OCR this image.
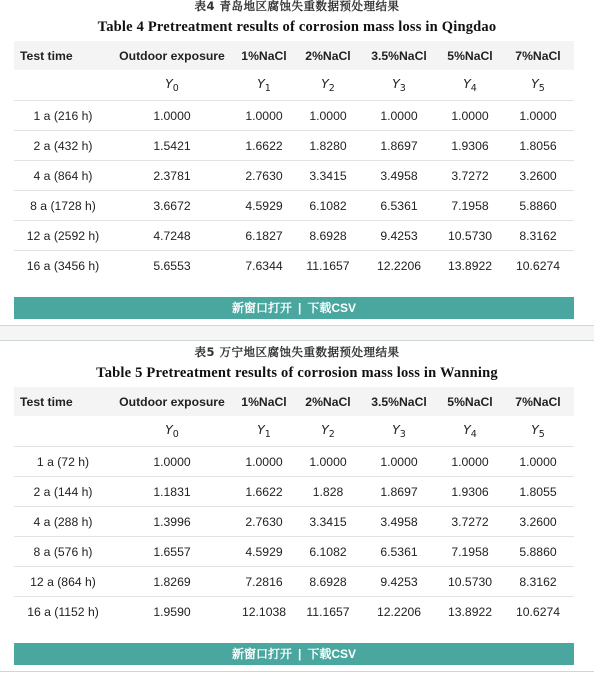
表4 青岛地区腐蚀失重数据预处理结果
Table 4 Pretreatment results of corrosion mass loss in Qingdao
Test time	Outdoor exposure	1%NaCl	2%NaCl	3.5%NaCl	5%NaCl	7%NaCl
	$Y_0$	$Y_1$	$Y_2$	$Y_3$	$Y_4$	$Y_5$
1 a (216 h)	1.0000	1.0000	1.0000	1.0000	1.0000	1.0000
2 a (432 h)	1.5421	1.6622	1.8280	1.8697	1.9306	1.8056
4 a (864 h)	2.3781	2.7630	3.3415	3.4958	3.7272	3.2600
8 a (1728 h)	3.6672	4.5929	6.1082	6.5361	7.1958	5.8860
12 a (2592 h)	4.7248	6.1827	8.6928	9.4253	10.5730	8.3162
16 a (3456 h)	5.6553	7.6344	11.1657	12.2206	13.8922	10.6274
新窗口打开 | 下载CSV
表5 万宁地区腐蚀失重数据预处理结果
Table 5 Pretreatment results of corrosion mass loss in Wanning
Test time	Outdoor exposure	1%NaCl	2%NaCl	3.5%NaCl	5%NaCl	7%NaCl
	$Y_0$	$Y_1$	$Y_2$	$Y_3$	$Y_4$	$Y_5$
1 a (72 h)	1.0000	1.0000	1.0000	1.0000	1.0000	1.0000
2 a (144 h)	1.1831	1.6622	1.828	1.8697	1.9306	1.8055
4 a (288 h)	1.3996	2.7630	3.3415	3.4958	3.7272	3.2600
8 a (576 h)	1.6557	4.5929	6.1082	6.5361	7.1958	5.8860
12 a (864 h)	1.8269	7.2816	8.6928	9.4253	10.5730	8.3162
16 a (1152 h)	1.9590	12.1038	11.1657	12.2206	13.8922	10.6274
新窗口打开 | 下载CSV
